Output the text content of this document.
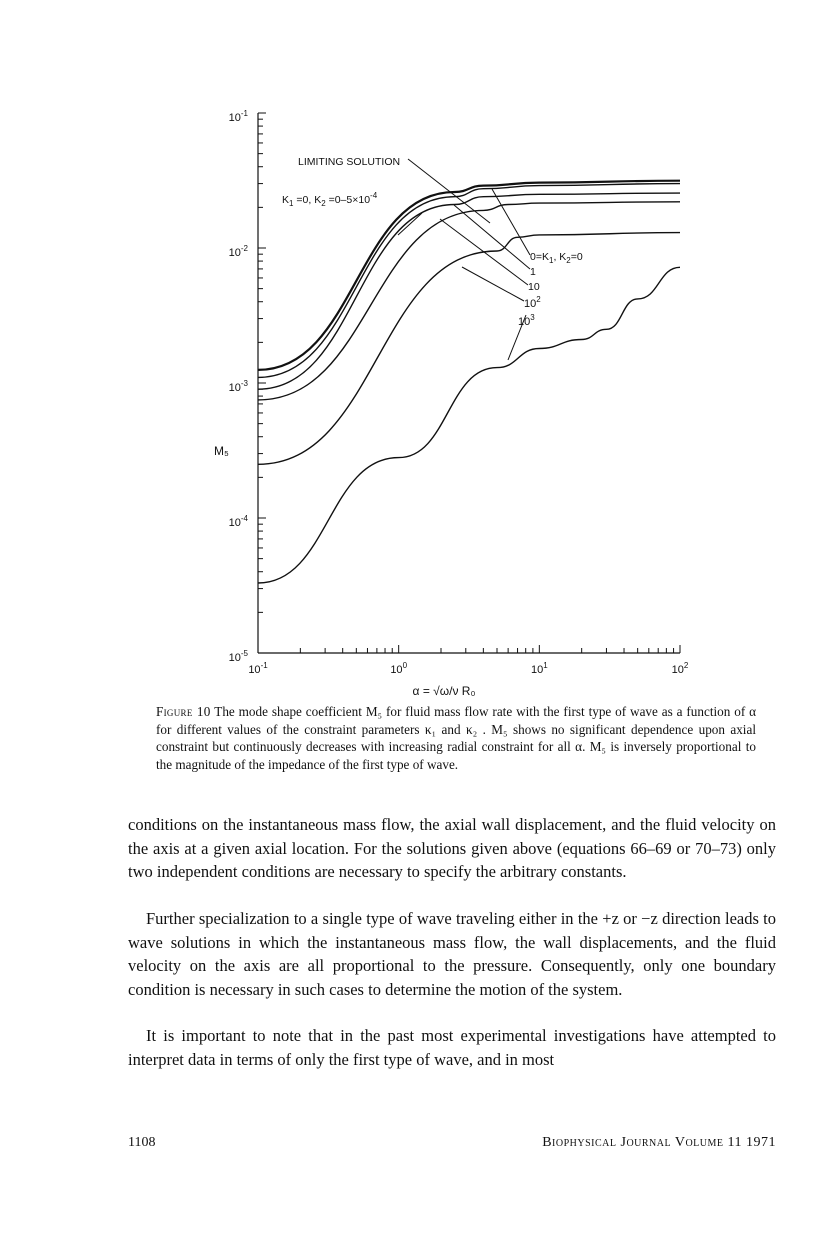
$10^{-1}$	$10^0$	$10^1$	$10^2$
$10^{-1}$
$10^{-2}$
$10^{-3}$
$10^{-4}$
$10^{-5}$
α = √ω/ν R₀
M₅
LIMITING SOLUTION
$K_1 =0$, $K_2 =0-5\times 10^{-4}$
$0=K_1$, $K_2=0$
1
10
$10^2$
$10^3$

Figure 10 The mode shape coefficient M₅ for fluid mass flow rate with the first type of wave as a function of α for different values of the constraint parameters κ₁ and κ₂ . M₅ shows no significant dependence upon axial constraint but continuously decreases with increasing radial constraint for all α. M₅ is inversely proportional to the magnitude of the impedance of the first type of wave.

conditions on the instantaneous mass flow, the axial wall displacement, and the fluid velocity on the axis at a given axial location. For the solutions given above (equations 66–69 or 70–73) only two independent conditions are necessary to specify the arbitrary constants.

Further specialization to a single type of wave traveling either in the +z or −z direction leads to wave solutions in which the instantaneous mass flow, the wall displacements, and the fluid velocity on the axis are all proportional to the pressure. Consequently, only one boundary condition is necessary in such cases to determine the motion of the system.

It is important to note that in the past most experimental investigations have attempted to interpret data in terms of only the first type of wave, and in most

1108	Biophysical Journal Volume 11 1971
